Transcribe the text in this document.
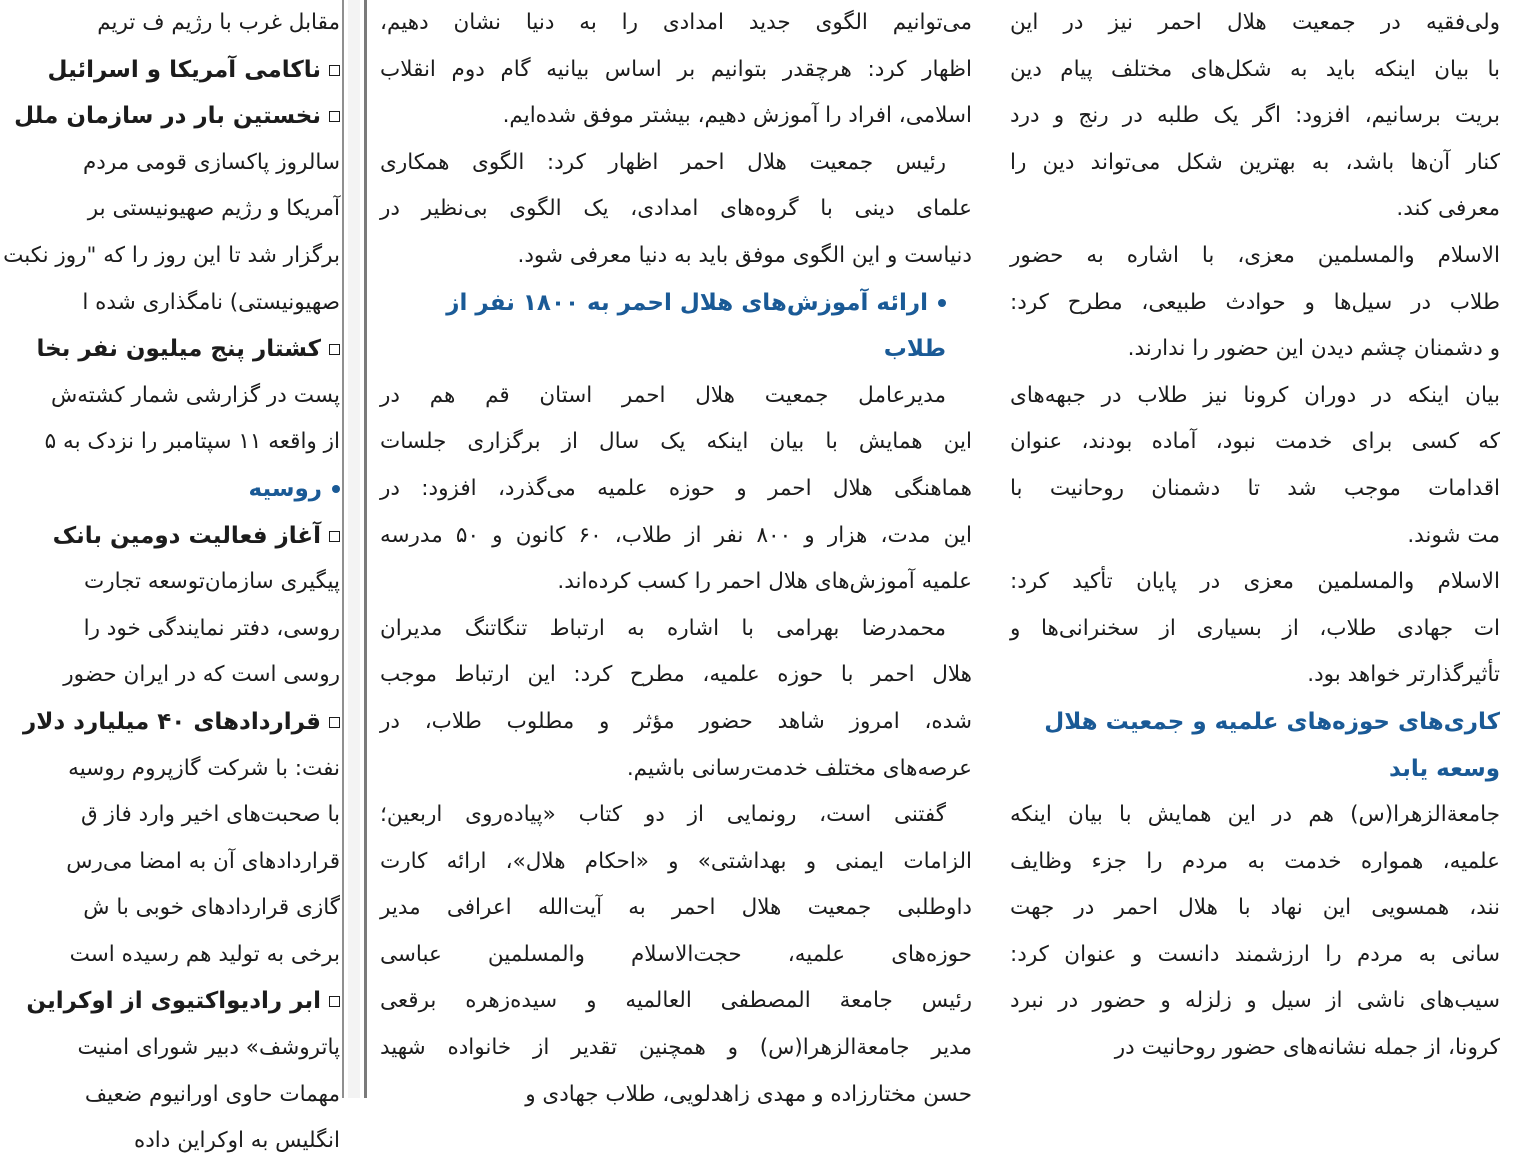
مقابل غرب با رژیم ف تریم
ناکامی آمریکا و اسرائیل
نخستین بار در سازمان ملل
سالروز پاکسازی قومی مردم
آمریکا و رژیم صهیونیستی بر
برگزار شد تا این روز را که "روز نکبت
صهیونیستی) نامگذاری شده ا
کشتار پنج میلیون نفر بخا
پست در گزارشی شمار کشته‌ش
از واقعه ۱۱ سپتامبر را نزدک به ۵
روسیه
آغاز فعالیت دومین بانک
پیگیری سازمان‌توسعه تجارت
روسی، دفتر نمایندگی خود را
روسی است که در ایران حضور
قراردادهای ۴۰ میلیارد دلار
نفت: با شرکت گازپروم روسیه
با صحبت‌های اخیر وارد فاز ق
قراردادهای آن به امضا می‌رس
گازی قراردادهای خوبی با ش
برخی به تولید هم رسیده است
ابر رادیواکتیوی از اوکراین
پاتروشف» دبیر شورای امنیت
مهمات حاوی اورانیوم ضعیف
انگلیس به اوکراین داده
می‌توانیم الگوی جدید امدادی را به دنیا نشان دهیم،
اظهار کرد: هرچقدر بتوانیم بر اساس بیانیه گام دوم انقلاب
اسلامی، افراد را آموزش دهیم، بیشتر موفق شده‌ایم.
رئیس جمعیت هلال احمر اظهار کرد: الگوی همکاری
علمای دینی با گروه‌های امدادی، یک الگوی بی‌نظیر در
دنیاست و این الگوی موفق باید به دنیا معرفی شود.
ارائه آموزش‌های هلال احمر به ۱۸۰۰ نفر از طلاب
مدیرعامل جمعیت هلال احمر استان قم هم در
این همایش با بیان اینکه یک سال از برگزاری جلسات
هماهنگی هلال احمر و حوزه علمیه می‌گذرد، افزود: در
این مدت، هزار و ۸۰۰ نفر از طلاب، ۶۰ کانون و ۵۰ مدرسه
علمیه آموزش‌های هلال احمر را کسب کرده‌اند.
محمدرضا بهرامی با اشاره به ارتباط تنگاتنگ مدیران
هلال احمر با حوزه علمیه، مطرح کرد: این ارتباط موجب
شده، امروز شاهد حضور مؤثر و مطلوب طلاب، در
عرصه‌های مختلف خدمت‌رسانی باشیم.
گفتنی است، رونمایی از دو کتاب «پیاده‌روی اربعین؛
الزامات ایمنی و بهداشتی» و «احکام هلال»، ارائه کارت
داوطلبی جمعیت هلال احمر به آیت‌الله اعرافی مدیر
حوزه‌های علمیه، حجت‌الاسلام والمسلمین عباسی
رئیس جامعة المصطفی العالمیه و سیده‌زهره برقعی
مدیر جامعة‌الزهرا(س) و همچنین تقدیر از خانواده شهید
حسن مختارزاده و مهدی زاهدلویی، طلاب جهادی و
ولی‌فقیه در جمعیت هلال احمر نیز در این
با بیان اینکه باید به شکل‌های مختلف پیام دین
بریت برسانیم، افزود: اگر یک طلبه در رنج و درد
کنار آن‌ها باشد، به بهترین شکل می‌تواند دین را
معرفی کند.
الاسلام والمسلمین معزی، با اشاره به حضور
طلاب در سیل‌ها و حوادث طبیعی، مطرح کرد:
و دشمنان چشم دیدن این حضور را ندارند.
بیان اینکه در دوران کرونا نیز طلاب در جبهه‌های
که کسی برای خدمت نبود، آماده بودند، عنوان
اقدامات موجب شد تا دشمنان روحانیت با
مت شوند.
الاسلام والمسلمین معزی در پایان تأکید کرد:
ات جهادی طلاب، از بسیاری از سخنرانی‌ها و
تأثیرگذارتر خواهد بود.
کاری‌های حوزه‌های علمیه و جمعیت هلال
وسعه یابد
جامعةالزهرا(س) هم در این همایش با بیان اینکه
علمیه، همواره خدمت به مردم را جزء وظایف
نند، همسویی این نهاد با هلال احمر در جهت
سانی به مردم را ارزشمند دانست و عنوان کرد:
سیب‌های ناشی از سیل و زلزله و حضور در نبرد
کرونا، از جمله نشانه‌های حضور روحانیت در
